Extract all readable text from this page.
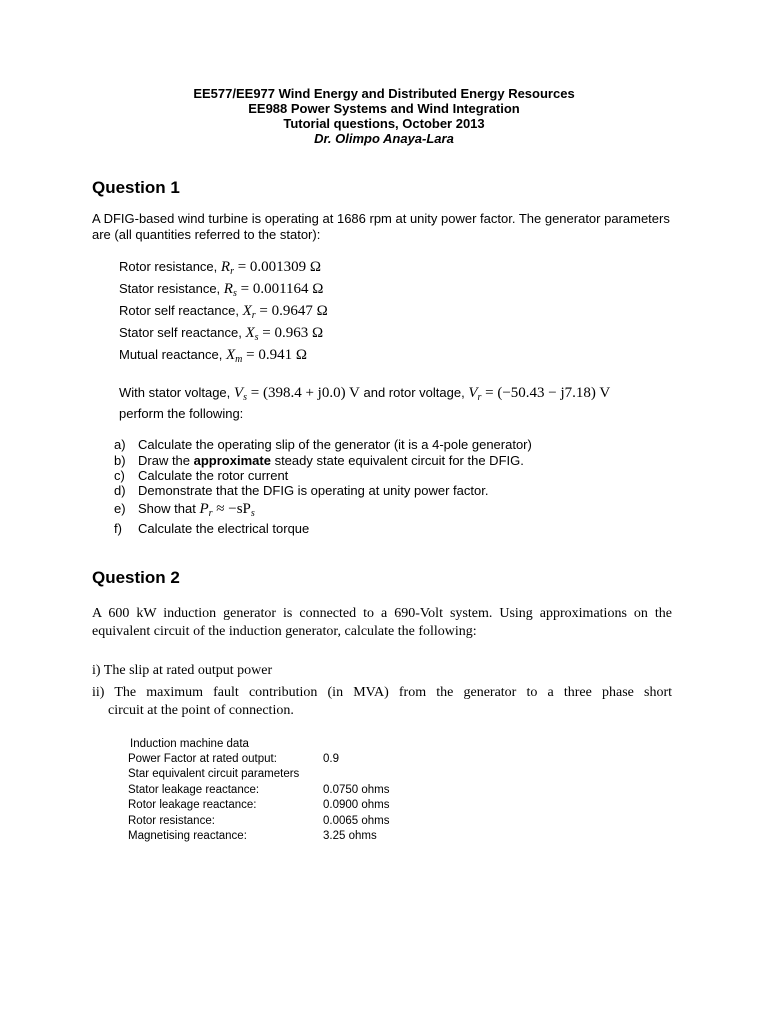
EE577/EE977 Wind Energy and Distributed Energy Resources
EE988 Power Systems and Wind Integration
Tutorial questions, October 2013
Dr. Olimpo Anaya-Lara
Question 1
A DFIG-based wind turbine is operating at 1686 rpm at unity power factor. The generator parameters are (all quantities referred to the stator):
Rotor resistance, $R_r = 0.001309$ Ω
Stator resistance, $R_s = 0.001164$ Ω
Rotor self reactance, $X_r = 0.9647$ Ω
Stator self reactance, $X_s = 0.963$ Ω
Mutual reactance, $X_m = 0.941$ Ω
With stator voltage, $V_s = (398.4 + j0.0)$ V and rotor voltage, $V_r = (-50.43 - j7.18)$ V
perform the following:
a) Calculate the operating slip of the generator (it is a 4-pole generator)
b) Draw the approximate steady state equivalent circuit for the DFIG.
c) Calculate the rotor current
d) Demonstrate that the DFIG is operating at unity power factor.
e) Show that $P_r \approx -sP_s$
f) Calculate the electrical torque
Question 2
A 600 kW induction generator is connected to a 690-Volt system. Using approximations on the equivalent circuit of the induction generator, calculate the following:
i) The slip at rated output power
ii) The maximum fault contribution (in MVA) from the generator to a three phase short
circuit at the point of connection.
Induction machine data
Power Factor at rated output:	0.9
Star equivalent circuit parameters
Stator leakage reactance:	0.0750 ohms
Rotor leakage reactance:	0.0900 ohms
Rotor resistance:	0.0065 ohms
Magnetising reactance:	3.25 ohms
